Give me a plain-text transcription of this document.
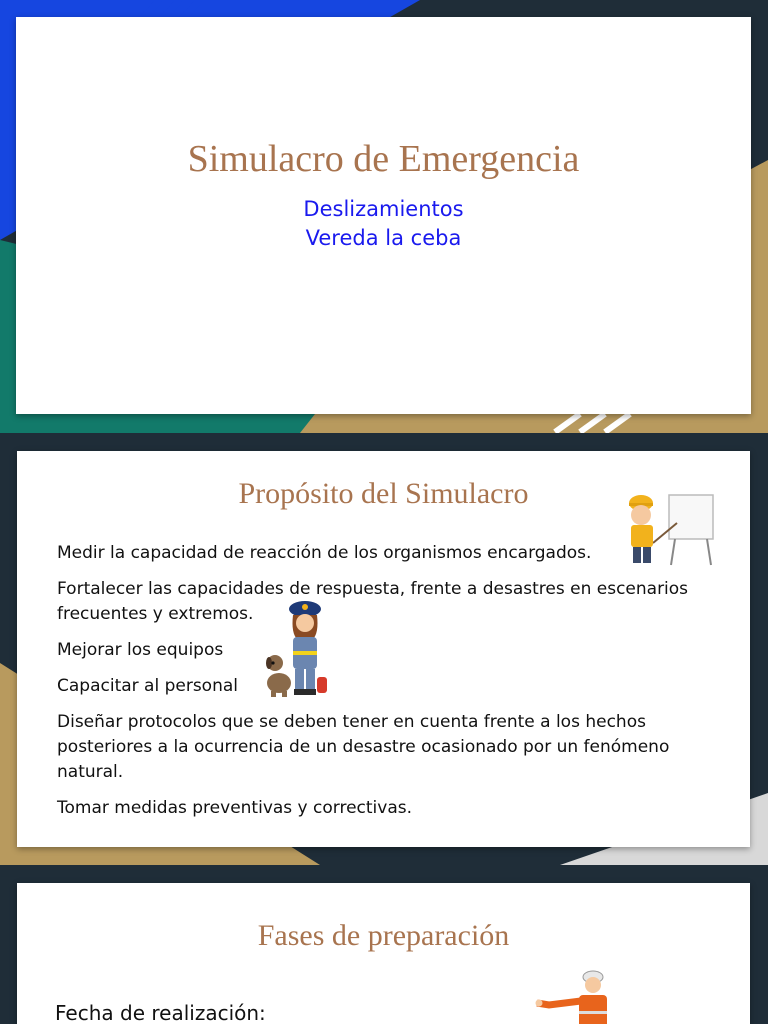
Simulacro de Emergencia
Deslizamientos
Vereda la ceba
Propósito del Simulacro

Medir la capacidad de reacción de los organismos encargados.

Fortalecer las capacidades de respuesta, frente a desastres en escenarios frecuentes y extremos.

Mejorar los equipos

Capacitar al personal

Diseñar protocolos que se deben tener en cuenta frente a los hechos posteriores a la ocurrencia de un desastre ocasionado por un fenómeno natural.

Tomar medidas preventivas y correctivas.

Fases de preparación
Fecha de realización:
